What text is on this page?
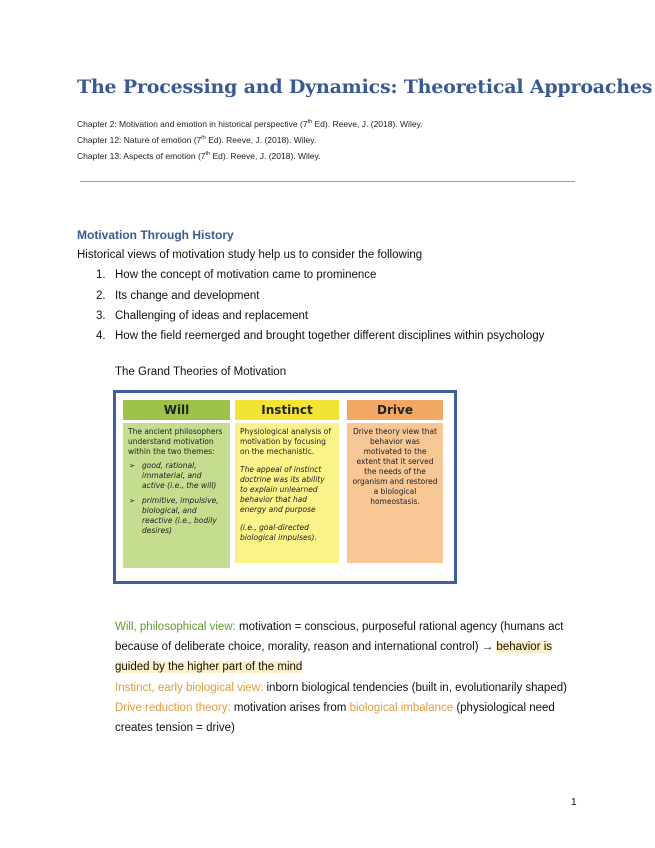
The Processing and Dynamics: Theoretical Approaches
Chapter 2: Motivation and emotion in historical perspective (7th Ed). Reeve, J. (2018). Wiley.
Chapter 12: Nature of emotion (7th Ed). Reeve, J. (2018). Wiley.
Chapter 13: Aspects of emotion (7th Ed). Reeve, J. (2018). Wiley.
Motivation Through History
Historical views of motivation study help us to consider the following
1. How the concept of motivation came to prominence
2. Its change and development
3. Challenging of ideas and replacement
4. How the field reemerged and brought together different disciplines within psychology
The Grand Theories of Motivation
Will
The ancient philosophers understand motivation within the two themes:
➢ good, rational, immaterial, and active (i.e., the will)
➢ primitive, impulsive, biological, and reactive (i.e., bodily desires)
Instinct
Physiological analysis of motivation by focusing on the mechanistic.
The appeal of instinct doctrine was its ability to explain unlearned behavior that had energy and purpose
(i.e., goal-directed biological impulses).
Drive
Drive theory view that behavior was motivated to the extent that it served the needs of the organism and restored a biological homeostasis.
Will, philosophical view: motivation = conscious, purposeful rational agency (humans act
because of deliberate choice, morality, reason and international control) → behavior is
guided by the higher part of the mind
Instinct, early biological view: inborn biological tendencies (built in, evolutionarily shaped)
Drive reduction theory: motivation arises from biological imbalance (physiological need
creates tension = drive)
1
